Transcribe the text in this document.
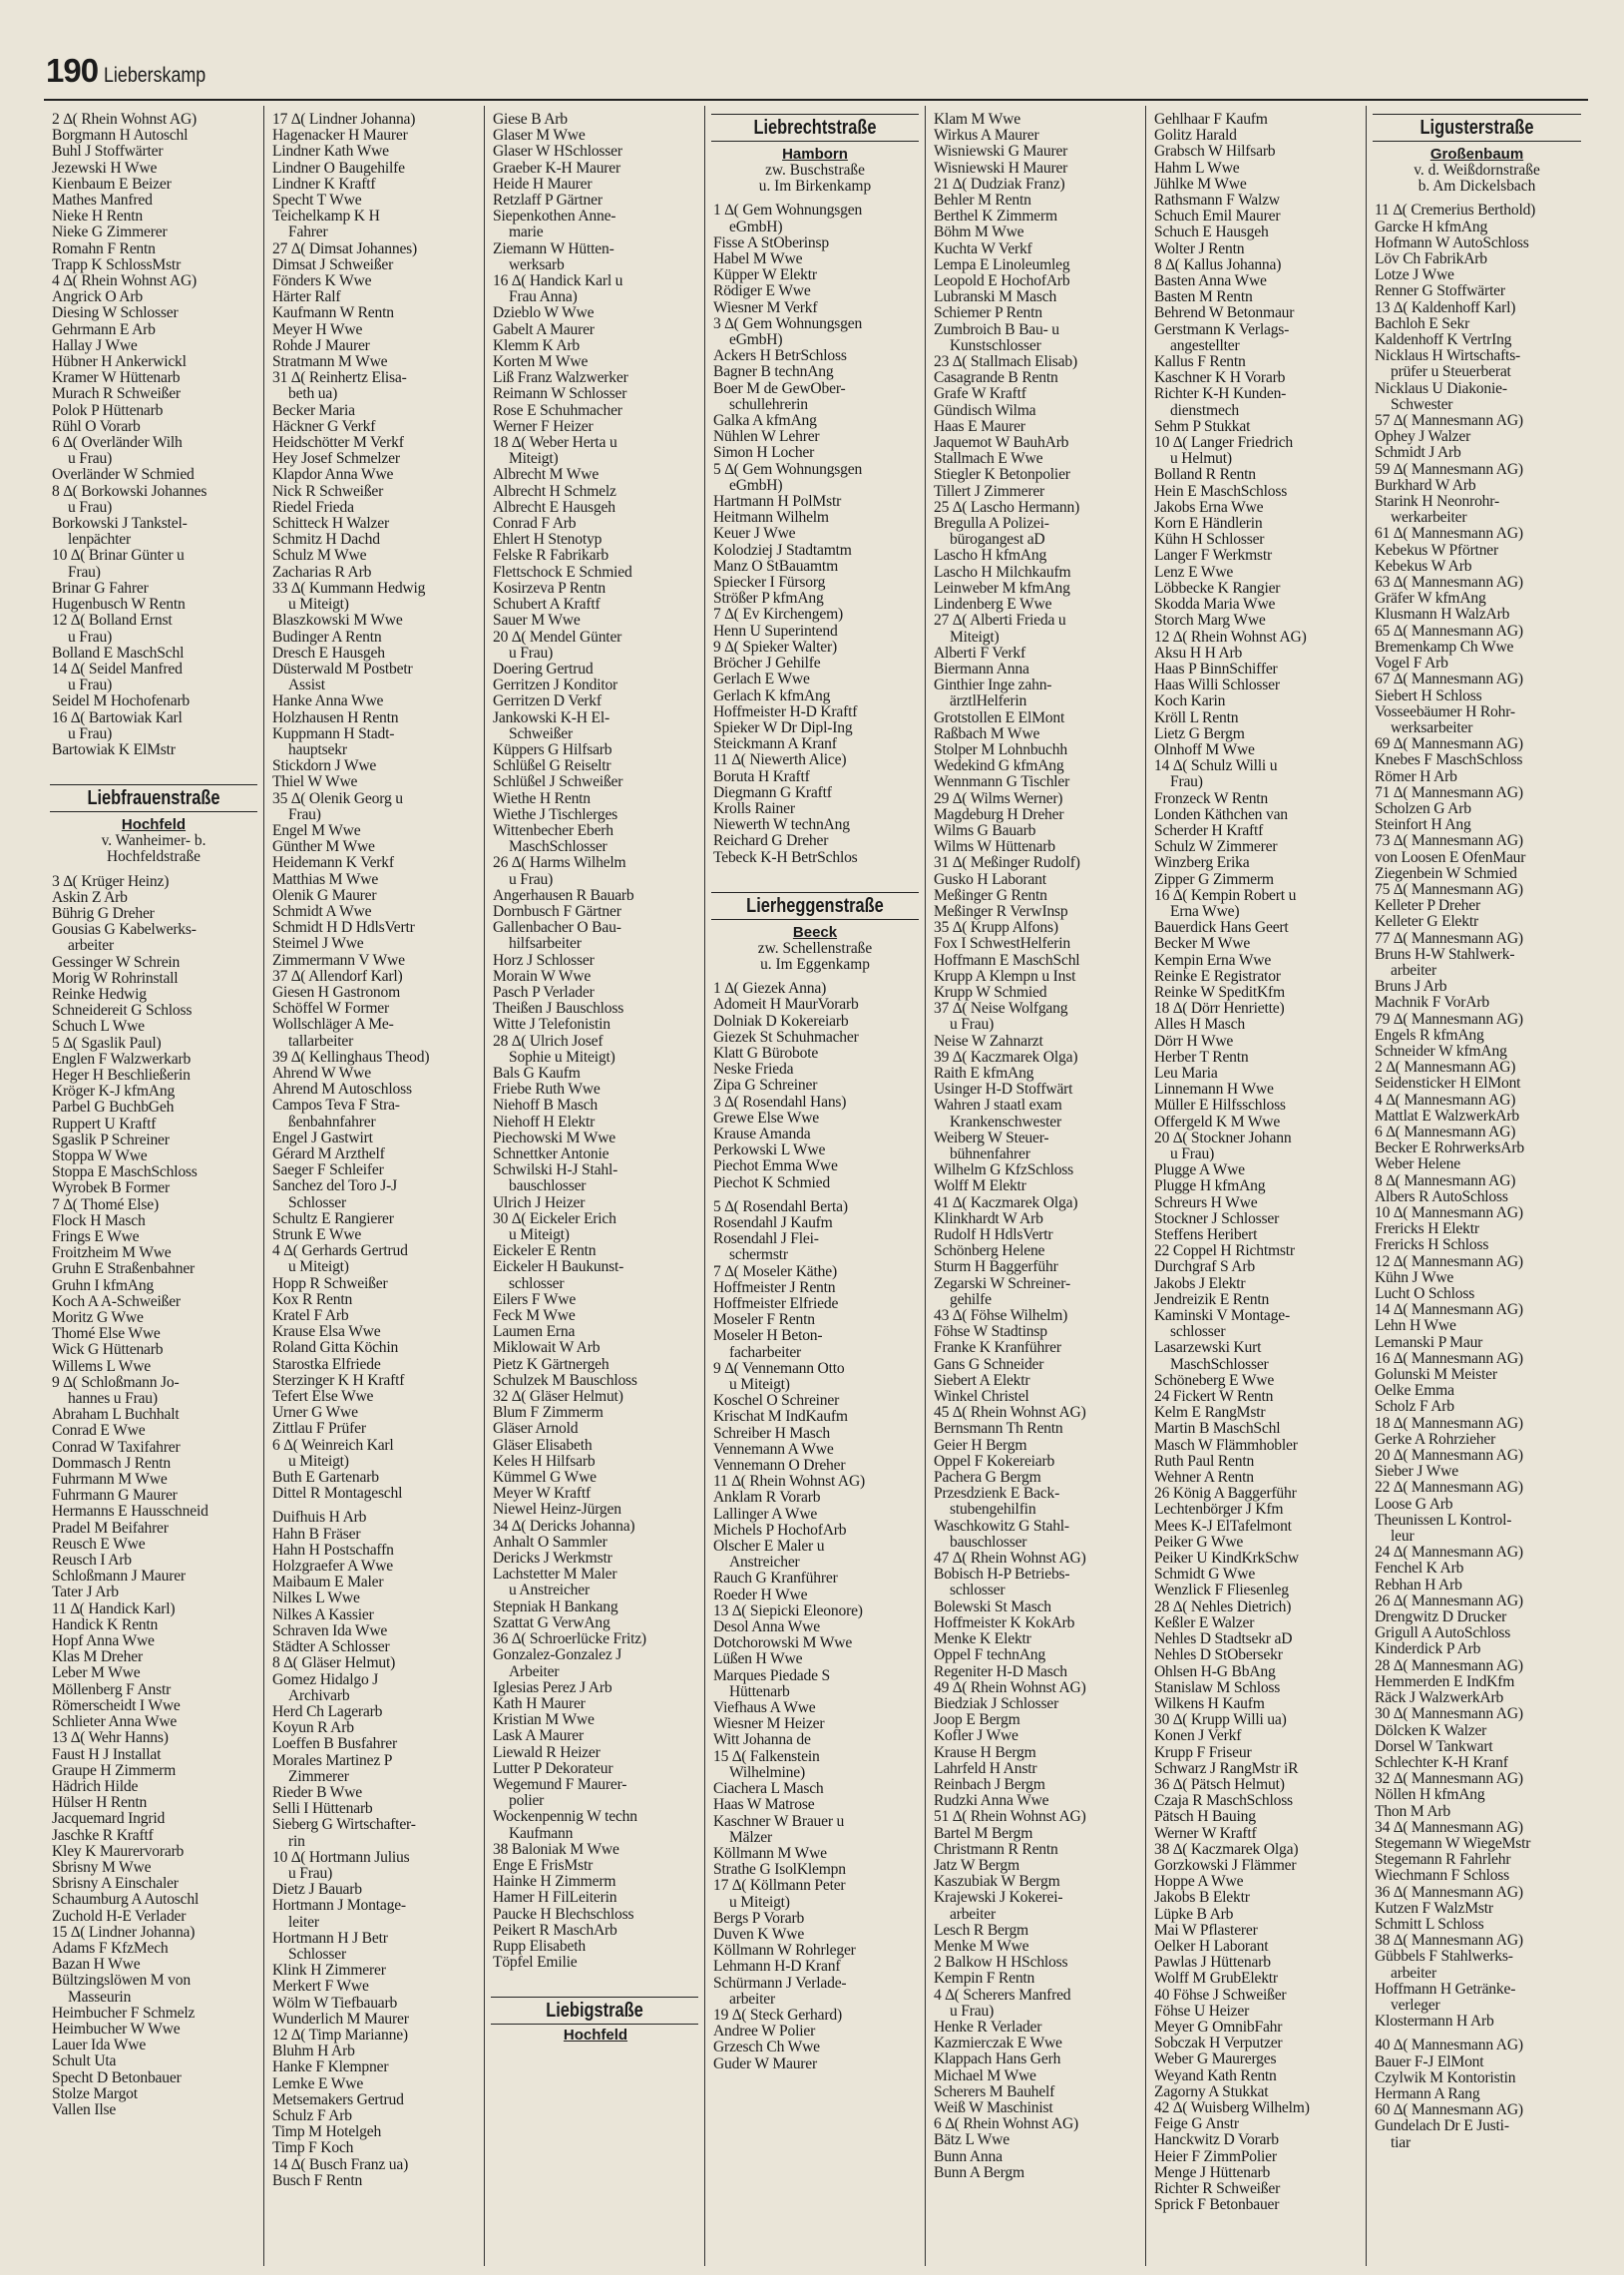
190 Lieberskamp
2 ∆( Rhein Wohnst AG)
Borgmann H Autoschl
Buhl J Stoffwärter
Jezewski H Wwe
Kienbaum E Beizer
Mathes Manfred
Nieke H Rentn
Nieke G Zimmerer
Romahn F Rentn
Trapp K SchlossMstr
4 ∆( Rhein Wohnst AG)
Angrick O Arb
Diesing W Schlosser
Gehrmann E Arb
Hallay J Wwe
Hübner H Ankerwickl
Kramer W Hüttenarb
Murach R Schweißer
Polok P Hüttenarb
Rühl O Vorarb
6 ∆( Overländer Wilh
u Frau)
Overländer W Schmied
8 ∆( Borkowski Johannes
u Frau)
Borkowski J Tankstel-
lenpächter
10 ∆( Brinar Günter u
Frau)
Brinar G Fahrer
Hugenbusch W Rentn
12 ∆( Bolland Ernst
u Frau)
Bolland E MaschSchl
14 ∆( Seidel Manfred
u Frau)
Seidel M Hochofenarb
16 ∆( Bartowiak Karl
u Frau)
Bartowiak K ElMstr
Liebfrauenstraße
Hochfeld
v. Wanheimer- b.
Hochfeldstraße
3 ∆( Krüger Heinz)
Askin Z Arb
Bührig G Dreher
Gousias G Kabelwerks-
arbeiter
Gessinger W Schrein
Morig W Rohrinstall
Reinke Hedwig
Schneidereit G Schloss
Schuch L Wwe
5 ∆( Sgaslik Paul)
Englen F Walzwerkarb
Heger H Beschließerin
Kröger K-J kfmAng
Parbel G BuchbGeh
Ruppert U Kraftf
Sgaslik P Schreiner
Stoppa W Wwe
Stoppa E MaschSchloss
Wyrobek B Former
7 ∆( Thomé Else)
Flock H Masch
Frings E Wwe
Froitzheim M Wwe
Gruhn E Straßenbahner
Gruhn I kfmAng
Koch A A-Schweißer
Moritz G Wwe
Thomé Else Wwe
Wick G Hüttenarb
Willems L Wwe
9 ∆( Schloßmann Jo-
hannes u Frau)
Abraham L Buchhalt
Conrad E Wwe
Conrad W Taxifahrer
Dommasch J Rentn
Fuhrmann M Wwe
Fuhrmann G Maurer
Hermanns E Hausschneid
Pradel M Beifahrer
Reusch E Wwe
Reusch I Arb
Schloßmann J Maurer
Tater J Arb
11 ∆( Handick Karl)
Handick K Rentn
Hopf Anna Wwe
Klas M Dreher
Leber M Wwe
Möllenberg F Anstr
Römerscheidt I Wwe
Schlieter Anna Wwe
13 ∆( Wehr Hanns)
Faust H J Installat
Graupe H Zimmerm
Hädrich Hilde
Hülser H Rentn
Jacquemard Ingrid
Jaschke R Kraftf
Kley K Maurervorarb
Sbrisny M Wwe
Sbrisny A Einschaler
Schaumburg A Autoschl
Zuchold H-E Verlader
15 ∆( Lindner Johanna)
Adams F KfzMech
Bazan H Wwe
Bültzingslöwen M von
Masseurin
Heimbucher F Schmelz
Heimbucher W Wwe
Lauer Ida Wwe
Schult Uta
Specht D Betonbauer
Stolze Margot
Vallen Ilse
17 ∆( Lindner Johanna)
Hagenacker H Maurer
Lindner Kath Wwe
Lindner O Baugehilfe
Lindner K Kraftf
Specht T Wwe
Teichelkamp K H
Fahrer
27 ∆( Dimsat Johannes)
Dimsat J Schweißer
Fönders K Wwe
Härter Ralf
Kaufmann W Rentn
Meyer H Wwe
Rohde J Maurer
Stratmann M Wwe
31 ∆( Reinhertz Elisa-
beth ua)
Becker Maria
Häckner G Verkf
Heidschötter M Verkf
Hey Josef Schmelzer
Klapdor Anna Wwe
Nick R Schweißer
Riedel Frieda
Schitteck H Walzer
Schmitz H Dachd
Schulz M Wwe
Zacharias R Arb
33 ∆( Kummann Hedwig
u Miteigt)
Blaszkowski M Wwe
Budinger A Rentn
Dresch E Hausgeh
Düsterwald M Postbetr
Assist
Hanke Anna Wwe
Holzhausen H Rentn
Kuppmann H Stadt-
hauptsekr
Stickdorn J Wwe
Thiel W Wwe
35 ∆( Olenik Georg u
Frau)
Engel M Wwe
Günther M Wwe
Heidemann K Verkf
Matthias M Wwe
Olenik G Maurer
Schmidt A Wwe
Schmidt H D HdlsVertr
Steimel J Wwe
Zimmermann V Wwe
37 ∆( Allendorf Karl)
Giesen H Gastronom
Schöffel W Former
Wollschläger A Me-
tallarbeiter
39 ∆( Kellinghaus Theod)
Ahrend W Wwe
Ahrend M Autoschloss
Campos Teva F Stra-
ßenbahnfahrer
Engel J Gastwirt
Gérard M Arzthelf
Saeger F Schleifer
Sanchez del Toro J-J
Schlosser
Schultz E Rangierer
Strunk E Wwe
4 ∆( Gerhards Gertrud
u Miteigt)
Hopp R Schweißer
Kox R Rentn
Kratel F Arb
Krause Elsa Wwe
Roland Gitta Köchin
Starostka Elfriede
Sterzinger K H Kraftf
Tefert Else Wwe
Urner G Wwe
Zittlau F Prüfer
6 ∆( Weinreich Karl
u Miteigt)
Buth E Gartenarb
Dittel R Montageschl
Duifhuis H Arb
Hahn B Fräser
Hahn H Postschaffn
Holzgraefer A Wwe
Maibaum E Maler
Nilkes L Wwe
Nilkes A Kassier
Schraven Ida Wwe
Städter A Schlosser
8 ∆( Gläser Helmut)
Gomez Hidalgo J
Archivarb
Herd Ch Lagerarb
Koyun R Arb
Loeffen B Busfahrer
Morales Martinez P
Zimmerer
Rieder B Wwe
Selli I Hüttenarb
Sieberg G Wirtschafter-
rin
10 ∆( Hortmann Julius
u Frau)
Dietz J Bauarb
Hortmann J Montage-
leiter
Hortmann H J Betr
Schlosser
Klink H Zimmerer
Merkert F Wwe
Wölm W Tiefbauarb
Wunderlich M Maurer
12 ∆( Timp Marianne)
Bluhm H Arb
Hanke F Klempner
Lemke E Wwe
Metsemakers Gertrud
Schulz F Arb
Timp M Hotelgeh
Timp F Koch
14 ∆( Busch Franz ua)
Busch F Rentn
Giese B Arb
Glaser M Wwe
Glaser W HSchlosser
Graeber K-H Maurer
Heide H Maurer
Retzlaff P Gärtner
Siepenkothen Anne-
marie
Ziemann W Hütten-
werksarb
16 ∆( Handick Karl u
Frau Anna)
Dzieblo W Wwe
Gabelt A Maurer
Klemm K Arb
Korten M Wwe
Liß Franz Walzwerker
Reimann W Schlosser
Rose E Schuhmacher
Werner F Heizer
18 ∆( Weber Herta u
Miteigt)
Albrecht M Wwe
Albrecht H Schmelz
Albrecht E Hausgeh
Conrad F Arb
Ehlert H Stenotyp
Felske R Fabrikarb
Flettschock E Schmied
Kosirzeva P Rentn
Schubert A Kraftf
Sauer M Wwe
20 ∆( Mendel Günter
u Frau)
Doering Gertrud
Gerritzen J Konditor
Gerritzen D Verkf
Jankowski K-H El-
Schweißer
Küppers G Hilfsarb
Schlüßel G Reiseltr
Schlüßel J Schweißer
Wiethe H Rentn
Wiethe J Tischlerges
Wittenbecher Eberh
MaschSchlosser
26 ∆( Harms Wilhelm
u Frau)
Angerhausen R Bauarb
Dornbusch F Gärtner
Gallenbacher O Bau-
hilfsarbeiter
Horz J Schlosser
Morain W Wwe
Pasch P Verlader
Theißen J Bauschloss
Witte J Telefonistin
28 ∆( Ulrich Josef
Sophie u Miteigt)
Bals G Kaufm
Friebe Ruth Wwe
Niehoff B Masch
Niehoff H Elektr
Piechowski M Wwe
Schnettker Antonie
Schwilski H-J Stahl-
bauschlosser
Ulrich J Heizer
30 ∆( Eickeler Erich
u Miteigt)
Eickeler E Rentn
Eickeler H Baukunst-
schlosser
Eilers F Wwe
Feck M Wwe
Laumen Erna
Miklowait W Arb
Pietz K Gärtnergeh
Schulzek M Bauschloss
32 ∆( Gläser Helmut)
Blum F Zimmerm
Gläser Arnold
Gläser Elisabeth
Keles H Hilfsarb
Kümmel G Wwe
Meyer W Kraftf
Niewel Heinz-Jürgen
34 ∆( Dericks Johanna)
Anhalt O Sammler
Dericks J Werkmstr
Lachstetter M Maler
u Anstreicher
Stepniak H Bankang
Szattat G VerwAng
36 ∆( Schroerlücke Fritz)
Gonzalez-Gonzalez J
Arbeiter
Iglesias Perez J Arb
Kath H Maurer
Kristian M Wwe
Lask A Maurer
Liewald R Heizer
Lutter P Dekorateur
Wegemund F Maurer-
polier
Wockenpennig W techn
Kaufmann
38 Baloniak M Wwe
Enge E FrisMstr
Hainke H Zimmerm
Hamer H FilLeiterin
Paucke H Blechschloss
Peikert R MaschArb
Rupp Elisabeth
Töpfel Emilie
Liebigstraße
Hochfeld
Liebrechtstraße
Hamborn
zw. Buschstraße
u. Im Birkenkamp
1 ∆( Gem Wohnungsgen
eGmbH)
Fisse A StOberinsp
Habel M Wwe
Küpper W Elektr
Rödiger E Wwe
Wiesner M Verkf
3 ∆( Gem Wohnungsgen
eGmbH)
Ackers H BetrSchloss
Bagner B technAng
Boer M de GewOber-
schullehrerin
Galka A kfmAng
Nühlen W Lehrer
Simon H Locher
5 ∆( Gem Wohnungsgen
eGmbH)
Hartmann H PolMstr
Heitmann Wilhelm
Keuer J Wwe
Kolodziej J Stadtamtm
Manz O StBauamtm
Spiecker I Fürsorg
Strößer P kfmAng
7 ∆( Ev Kirchengem)
Henn U Superintend
9 ∆( Spieker Walter)
Bröcher J Gehilfe
Gerlach E Wwe
Gerlach K kfmAng
Hoffmeister H-D Kraftf
Spieker W Dr Dipl-Ing
Steickmann A Kranf
11 ∆( Niewerth Alice)
Boruta H Kraftf
Diegmann G Kraftf
Krolls Rainer
Niewerth W technAng
Reichard G Dreher
Tebeck K-H BetrSchlos
Lierheggenstraße
Beeck
zw. Schellenstraße
u. Im Eggenkamp
1 ∆( Giezek Anna)
Adomeit H MaurVorarb
Dolniak D Kokereiarb
Giezek St Schuhmacher
Klatt G Bürobote
Neske Frieda
Zipa G Schreiner
3 ∆( Rosendahl Hans)
Grewe Else Wwe
Krause Amanda
Perkowski L Wwe
Piechot Emma Wwe
Piechot K Schmied
5 ∆( Rosendahl Berta)
Rosendahl J Kaufm
Rosendahl J Flei-
schermstr
7 ∆( Moseler Käthe)
Hoffmeister J Rentn
Hoffmeister Elfriede
Moseler F Rentn
Moseler H Beton-
facharbeiter
9 ∆( Vennemann Otto
u Miteigt)
Koschel O Schreiner
Krischat M IndKaufm
Schreiber H Masch
Vennemann A Wwe
Vennemann O Dreher
11 ∆( Rhein Wohnst AG)
Anklam R Vorarb
Lallinger A Wwe
Michels P HochofArb
Olscher E Maler u
Anstreicher
Rauch G Kranführer
Roeder H Wwe
13 ∆( Siepicki Eleonore)
Desol Anna Wwe
Dotchorowski M Wwe
Lüßen H Wwe
Marques Piedade S
Hüttenarb
Viefhaus A Wwe
Wiesner M Heizer
Witt Johanna de
15 ∆( Falkenstein
Wilhelmine)
Ciachera L Masch
Haas W Matrose
Kaschner W Brauer u
Mälzer
Köllmann M Wwe
Strathe G IsolKlempn
17 ∆( Köllmann Peter
u Miteigt)
Bergs P Vorarb
Duven K Wwe
Köllmann W Rohrleger
Lehmann H-D Kranf
Schürmann J Verlade-
arbeiter
19 ∆( Steck Gerhard)
Andree W Polier
Grzesch Ch Wwe
Guder W Maurer
Klam M Wwe
Wirkus A Maurer
Wisniewski G Maurer
Wisniewski H Maurer
21 ∆( Dudziak Franz)
Behler M Rentn
Berthel K Zimmerm
Böhm M Wwe
Kuchta W Verkf
Lempa E Linoleumleg
Leopold E HochofArb
Lubranski M Masch
Schiemer P Rentn
Zumbroich B Bau- u
Kunstschlosser
23 ∆( Stallmach Elisab)
Casagrande B Rentn
Grafe W Kraftf
Gündisch Wilma
Haas E Maurer
Jaquemot W BauhArb
Stallmach E Wwe
Stiegler K Betonpolier
Tillert J Zimmerer
25 ∆( Lascho Hermann)
Bregulla A Polizei-
bürogangest aD
Lascho H kfmAng
Lascho H Milchkaufm
Leinweber M kfmAng
Lindenberg E Wwe
27 ∆( Alberti Frieda u
Miteigt)
Alberti F Verkf
Biermann Anna
Ginthier Inge zahn-
ärztlHelferin
Grotstollen E ElMont
Raßbach M Wwe
Stolper M Lohnbuchh
Wedekind G kfmAng
Wennmann G Tischler
29 ∆( Wilms Werner)
Magdeburg H Dreher
Wilms G Bauarb
Wilms W Hüttenarb
31 ∆( Meßinger Rudolf)
Gusko H Laborant
Meßinger G Rentn
Meßinger R VerwInsp
35 ∆( Krupp Alfons)
Fox I SchwestHelferin
Hoffmann E MaschSchl
Krupp A Klempn u Inst
Krupp W Schmied
37 ∆( Neise Wolfgang
u Frau)
Neise W Zahnarzt
39 ∆( Kaczmarek Olga)
Raith E kfmAng
Usinger H-D Stoffwärt
Wahren J staatl exam
Krankenschwester
Weiberg W Steuer-
bühnenfahrer
Wilhelm G KfzSchloss
Wolff M Elektr
41 ∆( Kaczmarek Olga)
Klinkhardt W Arb
Rudolf H HdlsVertr
Schönberg Helene
Sturm H Baggerführ
Zegarski W Schreiner-
gehilfe
43 ∆( Föhse Wilhelm)
Föhse W Stadtinsp
Franke K Kranführer
Gans G Schneider
Siebert A Elektr
Winkel Christel
45 ∆( Rhein Wohnst AG)
Bernsmann Th Rentn
Geier H Bergm
Oppel F Kokereiarb
Pachera G Bergm
Przesdzienk E Back-
stubengehilfin
Waschkowitz G Stahl-
bauschlosser
47 ∆( Rhein Wohnst AG)
Bobisch H-P Betriebs-
schlosser
Bolewski St Masch
Hoffmeister K KokArb
Menke K Elektr
Oppel F technAng
Regeniter H-D Masch
49 ∆( Rhein Wohnst AG)
Biedziak J Schlosser
Joop E Bergm
Kofler J Wwe
Krause H Bergm
Lahrfeld H Anstr
Reinbach J Bergm
Rudzki Anna Wwe
51 ∆( Rhein Wohnst AG)
Bartel M Bergm
Christmann R Rentn
Jatz W Bergm
Kaszubiak W Bergm
Krajewski J Kokerei-
arbeiter
Lesch R Bergm
Menke M Wwe
2 Balkow H HSchloss
Kempin F Rentn
4 ∆( Scherers Manfred
u Frau)
Henke R Verlader
Kazmierczak E Wwe
Klappach Hans Gerh
Michael M Wwe
Scherers M Bauhelf
Weiß W Maschinist
6 ∆( Rhein Wohnst AG)
Bätz L Wwe
Bunn Anna
Bunn A Bergm
Gehlhaar F Kaufm
Golitz Harald
Grabsch W Hilfsarb
Hahm L Wwe
Jühlke M Wwe
Rathsmann F Walzw
Schuch Emil Maurer
Schuch E Hausgeh
Wolter J Rentn
8 ∆( Kallus Johanna)
Basten Anna Wwe
Basten M Rentn
Behrend W Betonmaur
Gerstmann K Verlags-
angestellter
Kallus F Rentn
Kaschner K H Vorarb
Richter K-H Kunden-
dienstmech
Sehm P Stukkat
10 ∆( Langer Friedrich
u Helmut)
Bolland R Rentn
Hein E MaschSchloss
Jakobs Erna Wwe
Korn E Händlerin
Kühn H Schlosser
Langer F Werkmstr
Lenz E Wwe
Löbbecke K Rangier
Skodda Maria Wwe
Storch Marg Wwe
12 ∆( Rhein Wohnst AG)
Aksu H H Arb
Haas P BinnSchiffer
Haas Willi Schlosser
Koch Karin
Kröll L Rentn
Lietz G Bergm
Olnhoff M Wwe
14 ∆( Schulz Willi u
Frau)
Fronzeck W Rentn
Londen Käthchen van
Scherder H Kraftf
Schulz W Zimmerer
Winzberg Erika
Zipper G Zimmerm
16 ∆( Kempin Robert u
Erna Wwe)
Bauerdick Hans Geert
Becker M Wwe
Kempin Erna Wwe
Reinke E Registrator
Reinke W SpeditKfm
18 ∆( Dörr Henriette)
Alles H Masch
Dörr H Wwe
Herber T Rentn
Leu Maria
Linnemann H Wwe
Müller E Hilfsschloss
Offergeld K M Wwe
20 ∆( Stockner Johann
u Frau)
Plugge A Wwe
Plugge H kfmAng
Schreurs H Wwe
Stockner J Schlosser
Steffens Heribert
22 Coppel H Richtmstr
Durchgraf S Arb
Jakobs J Elektr
Jendreizik E Rentn
Kaminski V Montage-
schlosser
Lasarzewski Kurt
MaschSchlosser
Schöneberg E Wwe
24 Fickert W Rentn
Kelm E RangMstr
Martin B MaschSchl
Masch W Flämmhobler
Ruth Paul Rentn
Wehner A Rentn
26 König A Baggerführ
Lechtenbörger J Kfm
Mees K-J ElTafelmont
Peiker G Wwe
Peiker U KindKrkSchw
Schmidt G Wwe
Wenzlick F Fliesenleg
28 ∆( Nehles Dietrich)
Keßler E Walzer
Nehles D Stadtsekr aD
Nehles D StObersekr
Ohlsen H-G BbAng
Stanislaw M Schloss
Wilkens H Kaufm
30 ∆( Krupp Willi ua)
Konen J Verkf
Krupp F Friseur
Schwarz J RangMstr iR
36 ∆( Pätsch Helmut)
Czaja R MaschSchloss
Pätsch H Bauing
Werner W Kraftf
38 ∆( Kaczmarek Olga)
Gorzkowski J Flämmer
Hoppe A Wwe
Jakobs B Elektr
Lüpke B Arb
Mai W Pflasterer
Oelker H Laborant
Pawlas J Hüttenarb
Wolff M GrubElektr
40 Föhse J Schweißer
Föhse U Heizer
Meyer G OmnibFahr
Sobczak H Verputzer
Weber G Maurerges
Weyand Kath Rentn
Zagorny A Stukkat
42 ∆( Wuisberg Wilhelm)
Feige G Anstr
Hanckwitz D Vorarb
Heier F ZimmPolier
Menge J Hüttenarb
Richter R Schweißer
Sprick F Betonbauer
Ligusterstraße
Großenbaum
v. d. Weißdornstraße
b. Am Dickelsbach
11 ∆( Cremerius Berthold)
Garcke H kfmAng
Hofmann W AutoSchloss
Löv Ch FabrikArb
Lotze J Wwe
Renner G Stoffwärter
13 ∆( Kaldenhoff Karl)
Bachloh E Sekr
Kaldenhoff K VertrIng
Nicklaus H Wirtschafts-
prüfer u Steuerberat
Nicklaus U Diakonie-
Schwester
57 ∆( Mannesmann AG)
Ophey J Walzer
Schmidt J Arb
59 ∆( Mannesmann AG)
Burkhard W Arb
Starink H Neonrohr-
werkarbeiter
61 ∆( Mannesmann AG)
Kebekus W Pförtner
Kebekus W Arb
63 ∆( Mannesmann AG)
Gräfer W kfmAng
Klusmann H WalzArb
65 ∆( Mannesmann AG)
Bremenkamp Ch Wwe
Vogel F Arb
67 ∆( Mannesmann AG)
Siebert H Schloss
Vosseebäumer H Rohr-
werksarbeiter
69 ∆( Mannesmann AG)
Knebes F MaschSchloss
Römer H Arb
71 ∆( Mannesmann AG)
Scholzen G Arb
Steinfort H Ang
73 ∆( Mannesmann AG)
von Loosen E OfenMaur
Ziegenbein W Schmied
75 ∆( Mannesmann AG)
Kelleter P Dreher
Kelleter G Elektr
77 ∆( Mannesmann AG)
Bruns H-W Stahlwerk-
arbeiter
Bruns J Arb
Machnik F VorArb
79 ∆( Mannesmann AG)
Engels R kfmAng
Schneider W kfmAng
2 ∆( Mannesmann AG)
Seidensticker H ElMont
4 ∆( Mannesmann AG)
Mattlat E WalzwerkArb
6 ∆( Mannesmann AG)
Becker E RohrwerksArb
Weber Helene
8 ∆( Mannesmann AG)
Albers R AutoSchloss
10 ∆( Mannesmann AG)
Frericks H Elektr
Frericks H Schloss
12 ∆( Mannesmann AG)
Kühn J Wwe
Lucht O Schloss
14 ∆( Mannesmann AG)
Lehn H Wwe
Lemanski P Maur
16 ∆( Mannesmann AG)
Golunski M Meister
Oelke Emma
Scholz F Arb
18 ∆( Mannesmann AG)
Gerke A Rohrzieher
20 ∆( Mannesmann AG)
Sieber J Wwe
22 ∆( Mannesmann AG)
Loose G Arb
Theunissen L Kontrol-
leur
24 ∆( Mannesmann AG)
Fenchel K Arb
Rebhan H Arb
26 ∆( Mannesmann AG)
Drengwitz D Drucker
Grigull A AutoSchloss
Kinderdick P Arb
28 ∆( Mannesmann AG)
Hemmerden E IndKfm
Räck J WalzwerkArb
30 ∆( Mannesmann AG)
Dölcken K Walzer
Dorsel W Tankwart
Schlechter K-H Kranf
32 ∆( Mannesmann AG)
Nöllen H kfmAng
Thon M Arb
34 ∆( Mannesmann AG)
Stegemann W WiegeMstr
Stegemann R Fahrlehr
Wiechmann F Schloss
36 ∆( Mannesmann AG)
Kutzen F WalzMstr
Schmitt L Schloss
38 ∆( Mannesmann AG)
Gübbels F Stahlwerks-
arbeiter
Hoffmann H Getränke-
verleger
Klostermann H Arb
40 ∆( Mannesmann AG)
Bauer F-J ElMont
Czylwik M Kontoristin
Hermann A Rang
60 ∆( Mannesmann AG)
Gundelach Dr E Justi-
tiar
